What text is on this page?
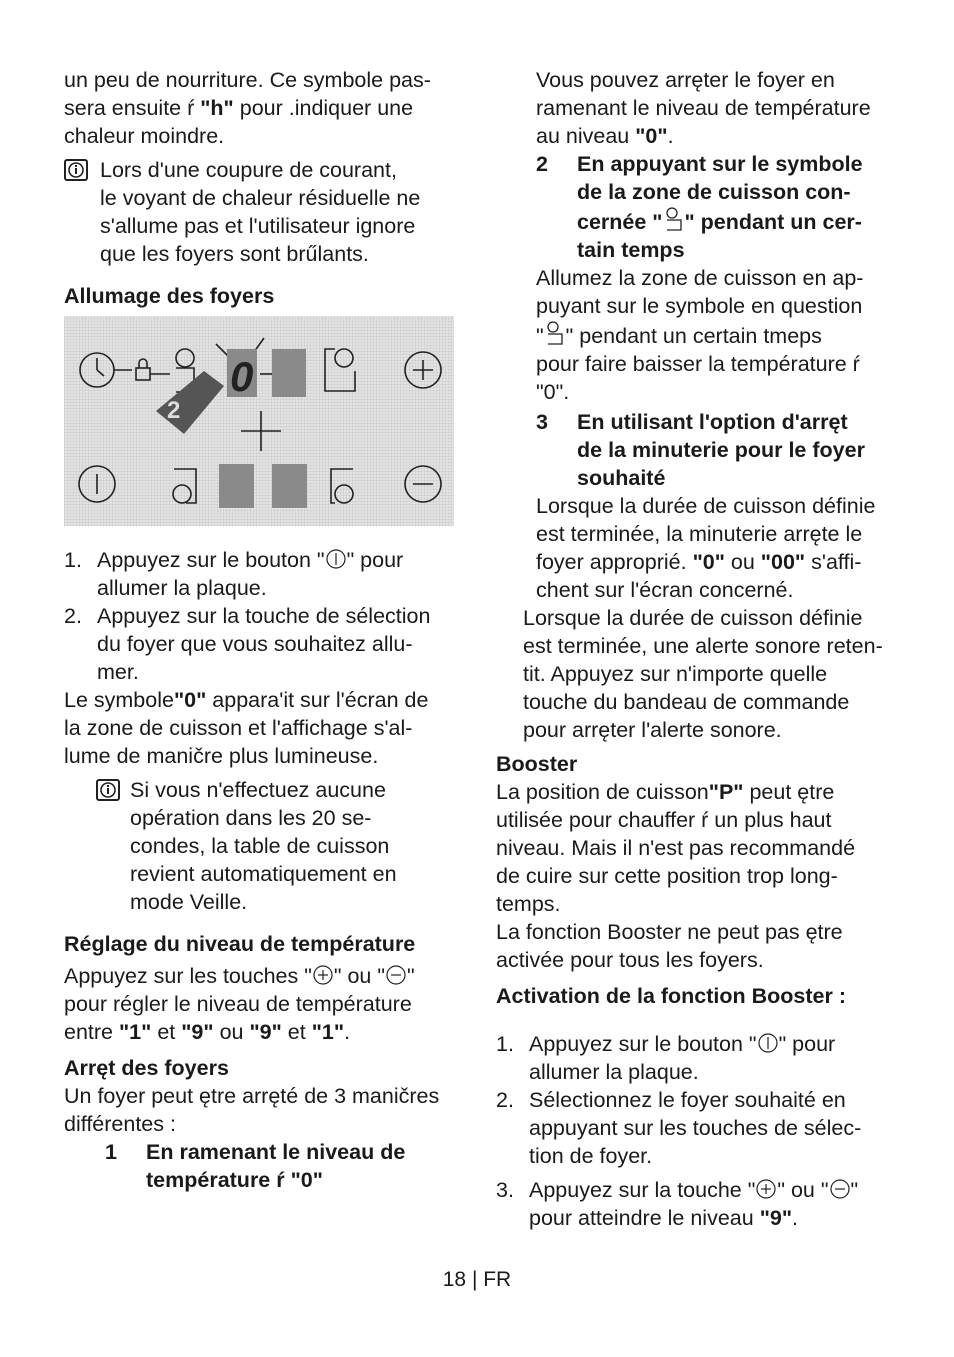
un peu de nourriture. Ce symbole pas-
sera ensuite ŕ "h" pour .indiquer une
chaleur moindre.

Lors d'une coupure de courant,
le voyant de chaleur résiduelle ne
s'allume pas et l'utilisateur ignore
que les foyers sont brűlants.

Allumage des foyers

0
2
1. Appuyez sur le bouton " " pour
allumer la plaque.
2. Appuyez sur la touche de sélection
du foyer que vous souhaitez allu-
mer.

Le symbole"0" appara'it sur l'écran de
la zone de cuisson et l'affichage s'al-
lume de maničre plus lumineuse.

Si vous n'effectuez aucune
opération dans les 20 se-
condes, la table de cuisson
revient automatiquement en
mode Veille.

Réglage du niveau de température

Appuyez sur les touches " " ou " "
pour régler le niveau de température
entre "1" et "9" ou "9" et "1".

Arręt des foyers

Un foyer peut ętre arręté de 3 maničres
différentes :

1	En ramenant le niveau de
température ŕ "0"

Vous pouvez arręter le foyer en
ramenant le niveau de température
au niveau "0".

2	En appuyant sur le symbole
de la zone de cuisson con-
cernée " " pendant un cer-
tain temps

Allumez la zone de cuisson en ap-
puyant sur le symbole en question
" " pendant un certain tmeps
pour faire baisser la température ŕ
"0".

3	En utilisant l'option d'arręt
de la minuterie pour le foyer
souhaité

Lorsque la durée de cuisson définie
est terminée, la minuterie arręte le
foyer approprié. "0" ou "00" s'affi-
chent sur l'écran concerné.

Lorsque la durée de cuisson définie
est terminée, une alerte sonore reten-
tit. Appuyez sur n'importe quelle
touche du bandeau de commande
pour arręter l'alerte sonore.

Booster

La position de cuisson"P" peut ętre
utilisée pour chauffer ŕ un plus haut
niveau. Mais il n'est pas recommandé
de cuire sur cette position trop long-
temps.

La fonction Booster ne peut pas ętre
activée pour tous les foyers.

Activation de la fonction Booster :

1. Appuyez sur le bouton " " pour
allumer la plaque.
2. Sélectionnez le foyer souhaité en
appuyant sur les touches de sélec-
tion de foyer.
3. Appuyez sur la touche " " ou " "
pour atteindre le niveau "9".
18 | FR
